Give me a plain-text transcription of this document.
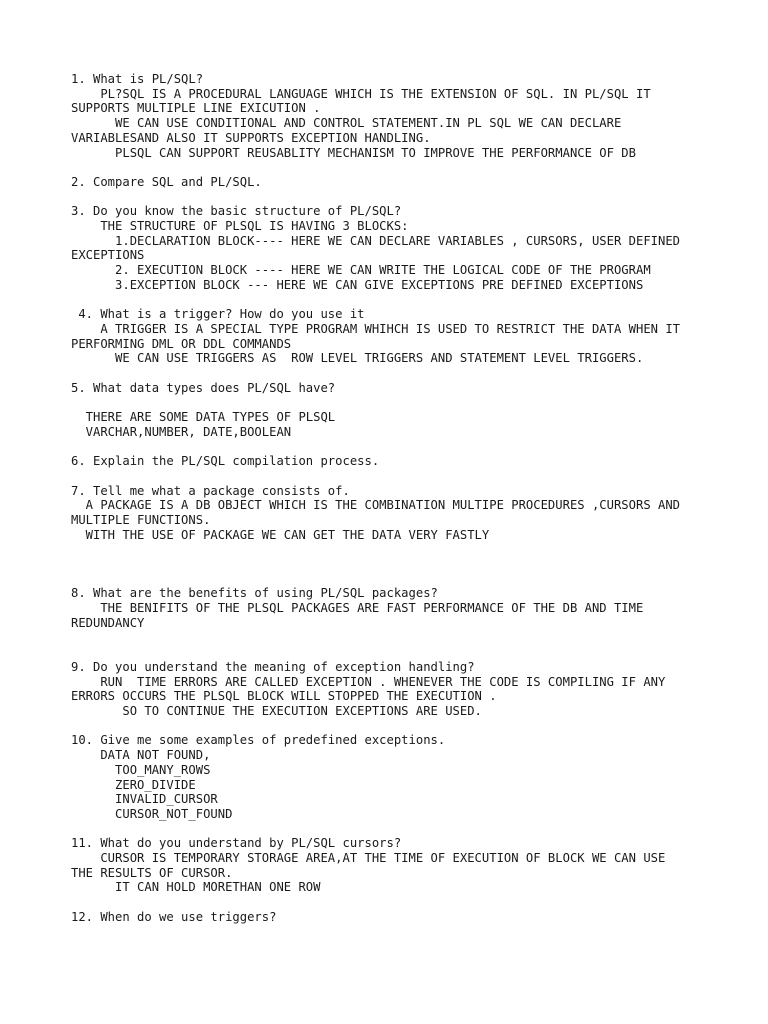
1. What is PL/SQL?
PL?SQL IS A PROCEDURAL LANGUAGE WHICH IS THE EXTENSION OF SQL. IN PL/SQL IT
SUPPORTS MULTIPLE LINE EXICUTION .
WE CAN USE CONDITIONAL AND CONTROL STATEMENT.IN PL SQL WE CAN DECLARE
VARIABLESAND ALSO IT SUPPORTS EXCEPTION HANDLING.
PLSQL CAN SUPPORT REUSABLITY MECHANISM TO IMPROVE THE PERFORMANCE OF DB
2. Compare SQL and PL/SQL.
3. Do you know the basic structure of PL/SQL?
THE STRUCTURE OF PLSQL IS HAVING 3 BLOCKS:
1.DECLARATION BLOCK---- HERE WE CAN DECLARE VARIABLES , CURSORS, USER DEFINED
EXCEPTIONS
2. EXECUTION BLOCK ---- HERE WE CAN WRITE THE LOGICAL CODE OF THE PROGRAM
3.EXCEPTION BLOCK --- HERE WE CAN GIVE EXCEPTIONS PRE DEFINED EXCEPTIONS
4. What is a trigger? How do you use it
A TRIGGER IS A SPECIAL TYPE PROGRAM WHIHCH IS USED TO RESTRICT THE DATA WHEN IT
PERFORMING DML OR DDL COMMANDS
WE CAN USE TRIGGERS AS  ROW LEVEL TRIGGERS AND STATEMENT LEVEL TRIGGERS.
5. What data types does PL/SQL have?
THERE ARE SOME DATA TYPES OF PLSQL
VARCHAR,NUMBER, DATE,BOOLEAN
6. Explain the PL/SQL compilation process.
7. Tell me what a package consists of.
A PACKAGE IS A DB OBJECT WHICH IS THE COMBINATION MULTIPE PROCEDURES ,CURSORS AND
MULTIPLE FUNCTIONS.
WITH THE USE OF PACKAGE WE CAN GET THE DATA VERY FASTLY
8. What are the benefits of using PL/SQL packages?
THE BENIFITS OF THE PLSQL PACKAGES ARE FAST PERFORMANCE OF THE DB AND TIME
REDUNDANCY
9. Do you understand the meaning of exception handling?
RUN  TIME ERRORS ARE CALLED EXCEPTION . WHENEVER THE CODE IS COMPILING IF ANY
ERRORS OCCURS THE PLSQL BLOCK WILL STOPPED THE EXECUTION .
SO TO CONTINUE THE EXECUTION EXCEPTIONS ARE USED.
10. Give me some examples of predefined exceptions.
DATA NOT FOUND,
TOO_MANY_ROWS
ZERO_DIVIDE
INVALID_CURSOR
CURSOR_NOT_FOUND
11. What do you understand by PL/SQL cursors?
CURSOR IS TEMPORARY STORAGE AREA,AT THE TIME OF EXECUTION OF BLOCK WE CAN USE
THE RESULTS OF CURSOR.
IT CAN HOLD MORETHAN ONE ROW
12. When do we use triggers?
